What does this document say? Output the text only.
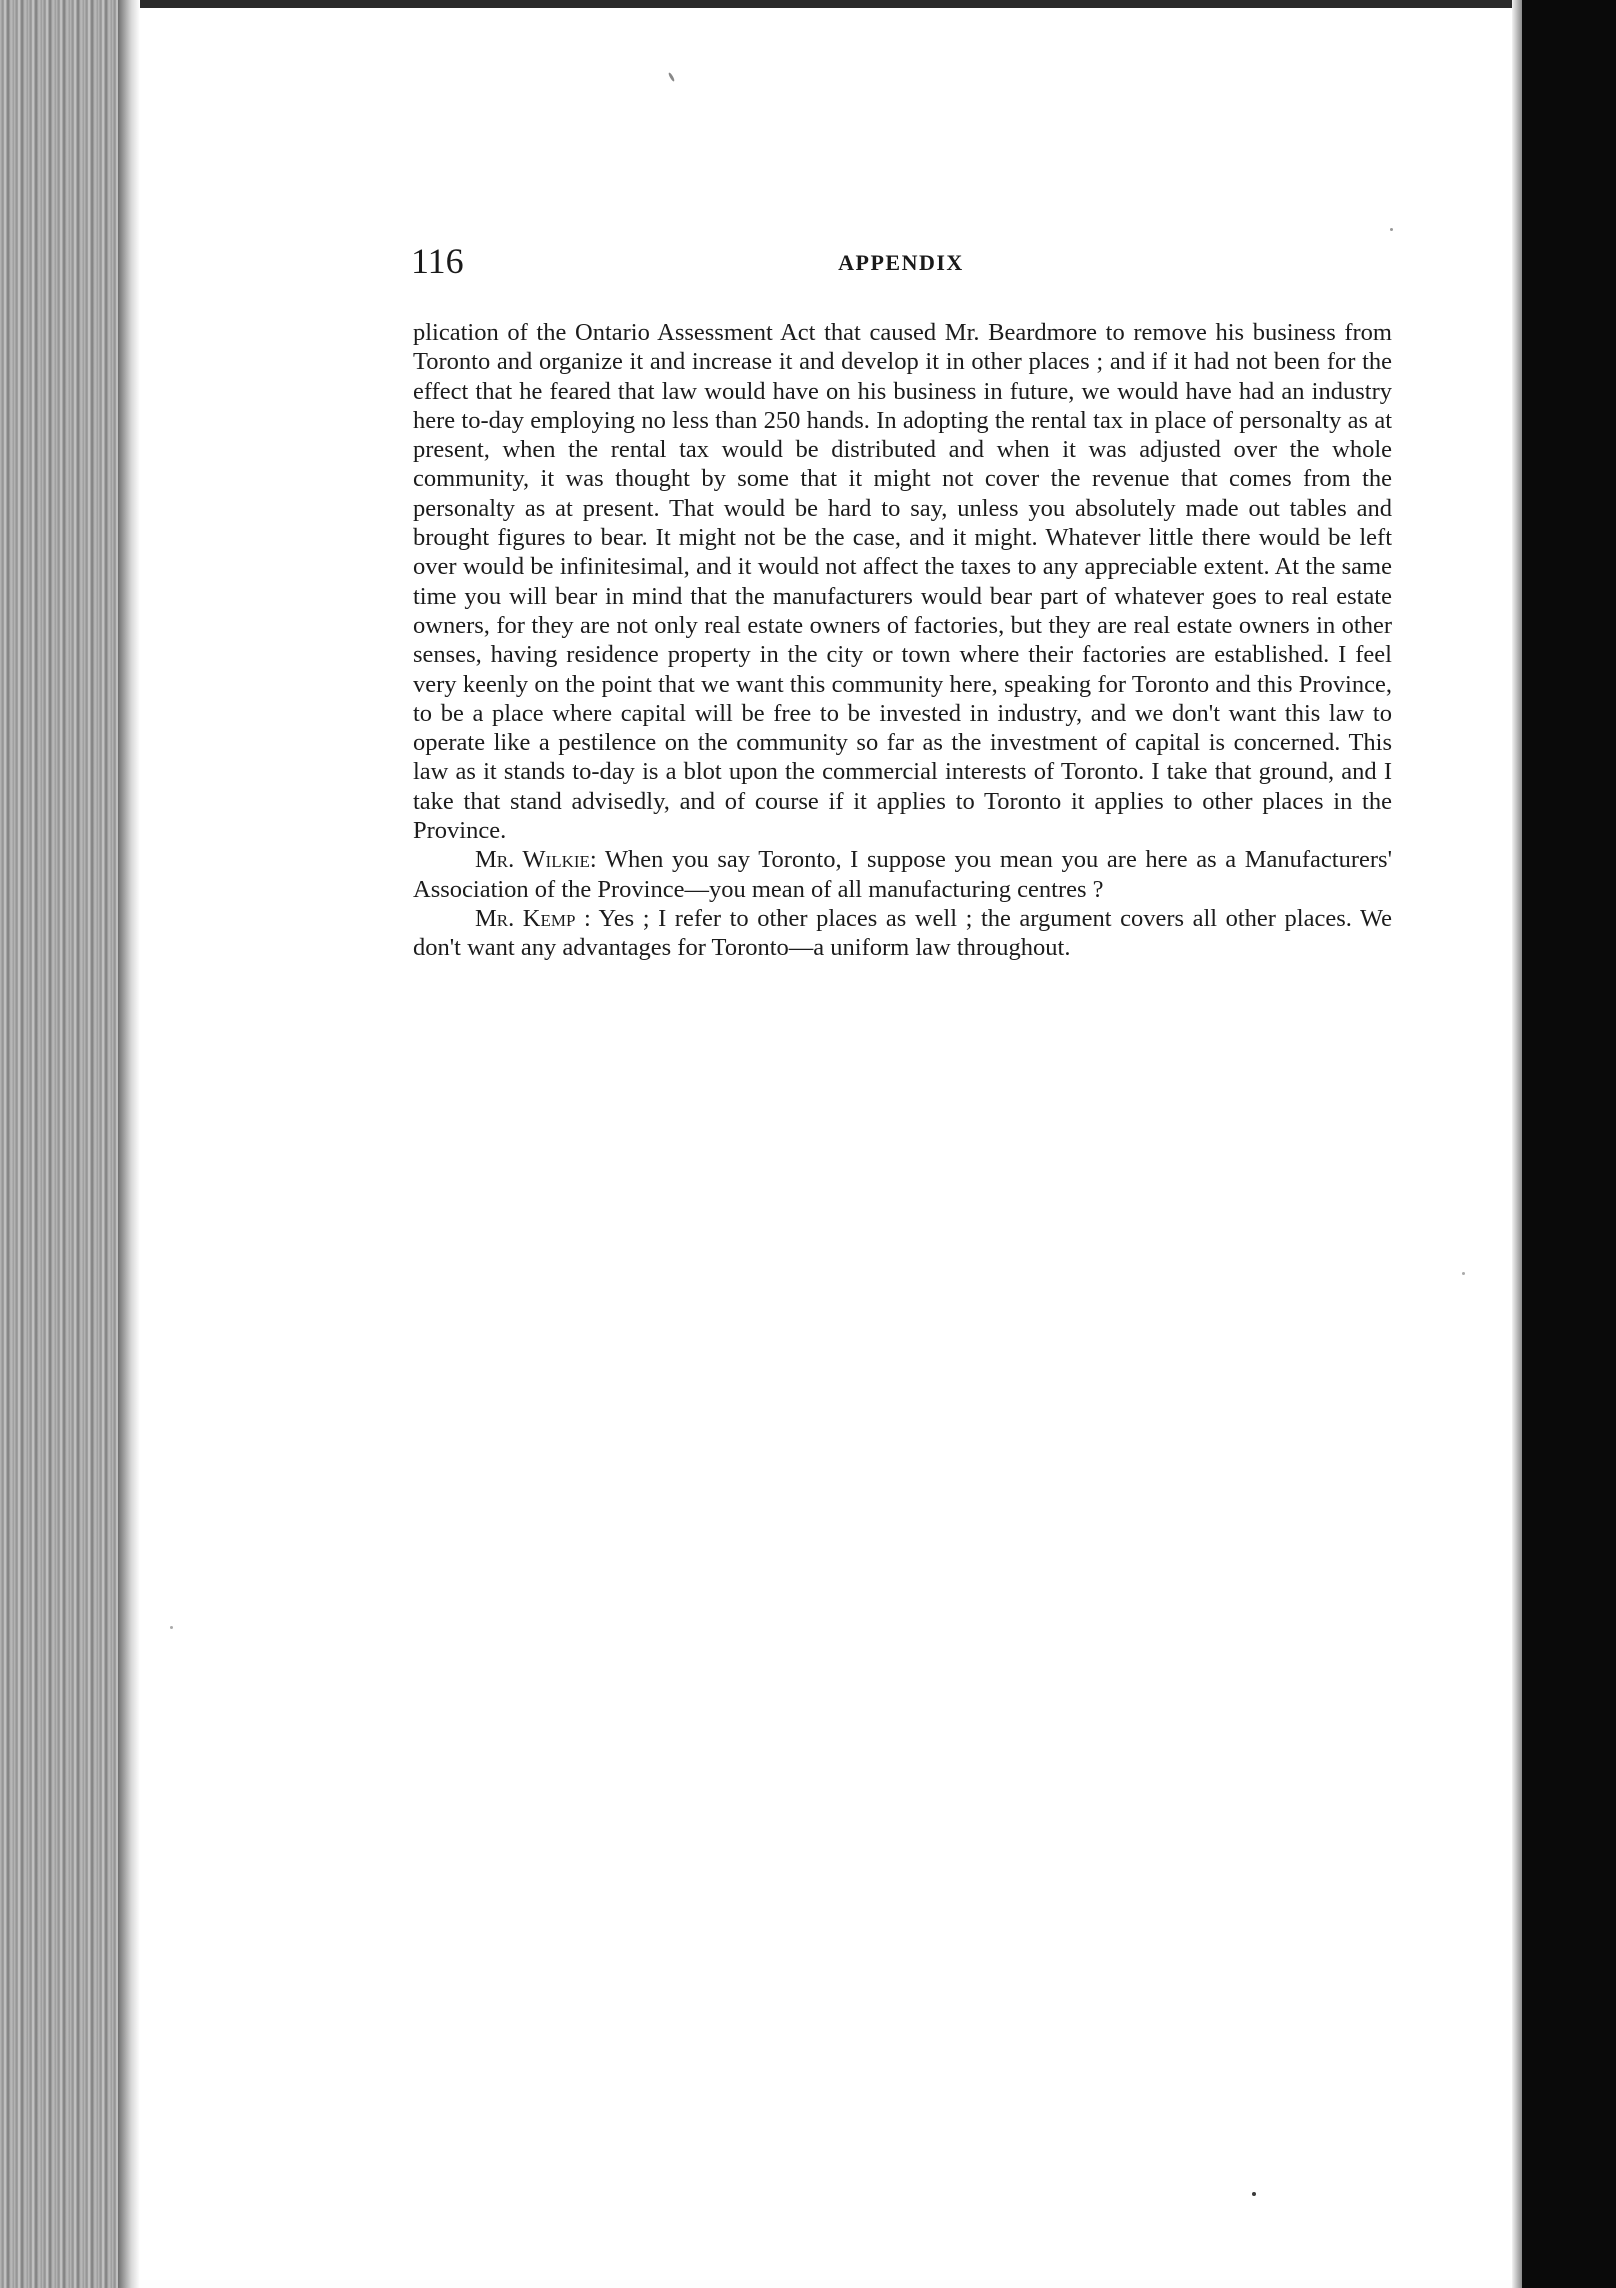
116	APPENDIX

plication of the Ontario Assessment Act that caused Mr. Beardmore to remove his business from Toronto and organize it and increase it and develop it in other places ; and if it had not been for the effect that he feared that law would have on his business in future, we would have had an industry here to-day employing no less than 250 hands. In adopting the rental tax in place of personalty as at present, when the rental tax would be distributed and when it was adjusted over the whole community, it was thought by some that it might not cover the revenue that comes from the personalty as at present. That would be hard to say, unless you absolutely made out tables and brought figures to bear. It might not be the case, and it might. Whatever little there would be left over would be infinitesimal, and it would not affect the taxes to any appreciable extent. At the same time you will bear in mind that the manufacturers would bear part of whatever goes to real estate owners, for they are not only real estate owners of factories, but they are real estate owners in other senses, having residence property in the city or town where their factories are established. I feel very keenly on the point that we want this community here, speaking for Toronto and this Province, to be a place where capital will be free to be invested in industry, and we don't want this law to operate like a pestilence on the community so far as the investment of capital is concerned. This law as it stands to-day is a blot upon the commercial interests of Toronto. I take that ground, and I take that stand advisedly, and of course if it applies to Toronto it applies to other places in the Province.

Mr. Wilkie: When you say Toronto, I suppose you mean you are here as a Manufacturers' Association of the Province—you mean of all manufacturing centres ?

Mr. Kemp : Yes ; I refer to other places as well ; the argument covers all other places. We don't want any advantages for Toronto—a uniform law throughout.
